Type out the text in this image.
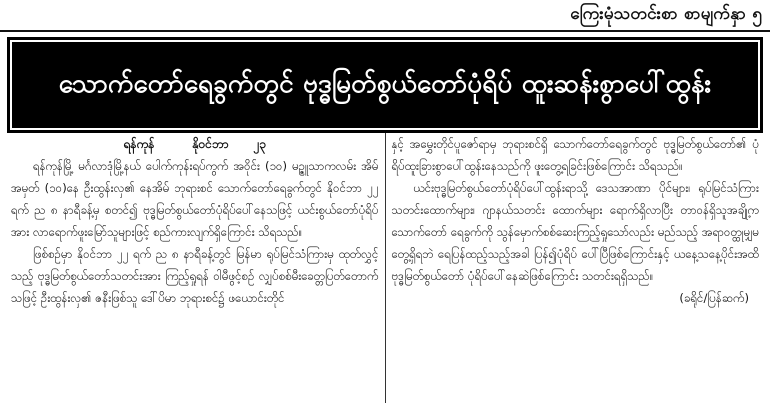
ကြေးမုံသတင်းစာ စာမျက်နှာ ၅
သောက်တော်ရေခွက်တွင် ဗုဒ္ဓမြတ်စွယ်တော်ပုံရိပ် ထူးဆန်းစွာပေါ်ထွန်း
ရန်ကုန်	နိုဝင်ဘာ ၂၃

ရန်ကုန်မြို့ မင်္ဂလာဒုံမြို့နယ် ပေါက်ကုန်းရပ်ကွက် အဝိုင်း (၁၀) မဉ္ဇူသာကလမ်း အိမ်အမှတ် (၁၀)နေ ဦးထွန်းလှ၏ နေအိမ် ဘုရားစင် သောက်တော်ရေခွက်တွင် နိုဝင်ဘာ ၂၂ ရက် ည ၈ နာရီခန့်မှ စတင်၍ ဗုဒ္ဓမြတ်စွယ်တော်ပုံရိပ်ပေါ်နေသဖြင့် ယင်းစွယ်တော်ပုံရိပ်အား လာရောက်ဖူးမြော်သူများဖြင့် စည်ကားလျက်ရှိကြောင်း သိရသည်။

ဖြစ်စဉ်မှာ နိုဝင်ဘာ ၂၂ ရက် ည ၈ နာရီခန့်တွင် မြန်မာ ရုပ်မြင်သံကြားမှ ထုတ်လွှင့်သည့် ဗုဒ္ဓမြတ်စွယ်တော်သတင်းအား ကြည့်ရှုရန် ဝါမီဖွင့်စဉ် လျှပ်စစ်မီးခေတ္တပြတ်တောက်သဖြင့် ဦးထွန်းလှ၏ ဇနီးဖြစ်သူ ဒေါ်ပိမာ ဘုရားစင်၌ ဖယောင်းတိုင်

နှင့် အမွှေးတိုင်ပူဇော်ရာမှ ဘုရားစင်ရှိ သောက်တော်ရေခွက်တွင် ဗုဒ္ဓမြတ်စွယ်တော်၏ ပုံရိပ်ထူးခြားစွာပေါ်ထွန်းနေသည်ကို ဖူးတွေ့ရခြင်းဖြစ်ကြောင်း သိရသည်။

ယင်းဗုဒ္ဓမြတ်စွယ်တော်ပုံရိပ်ပေါ်ထွန်းရာသို့ ဒေသအာဏာ ပိုင်များ၊ ရုပ်မြင်သံကြားသတင်းထောက်များ၊ ဂျာနယ်သတင်း ထောက်များ ရောက်ရှိလာပြီး တာဝန်ရှိသူအချို့က သောက်တော် ရေခွက်ကို သွန်မှောက်စစ်ဆေးကြည့်ရှုသော်လည်း မည်သည့် အရာဝတ္ထုမျှမတွေ့ရှိရဘဲ ရေပြန်ထည့်သည့်အခါ ပြန်၍ပုံရိပ် ပေါ်ပြီဖြစ်ကြောင်းနှင့် ယနေ့သနေ့ပိုင်းအထိ ဗုဒ္ဓမြတ်စွယ်တော် ပုံရိပ်ပေါ်နေဆဲဖြစ်ကြောင်း သတင်းရရှိသည်။

(ခရိုင်/ပြန်ဆက်)
